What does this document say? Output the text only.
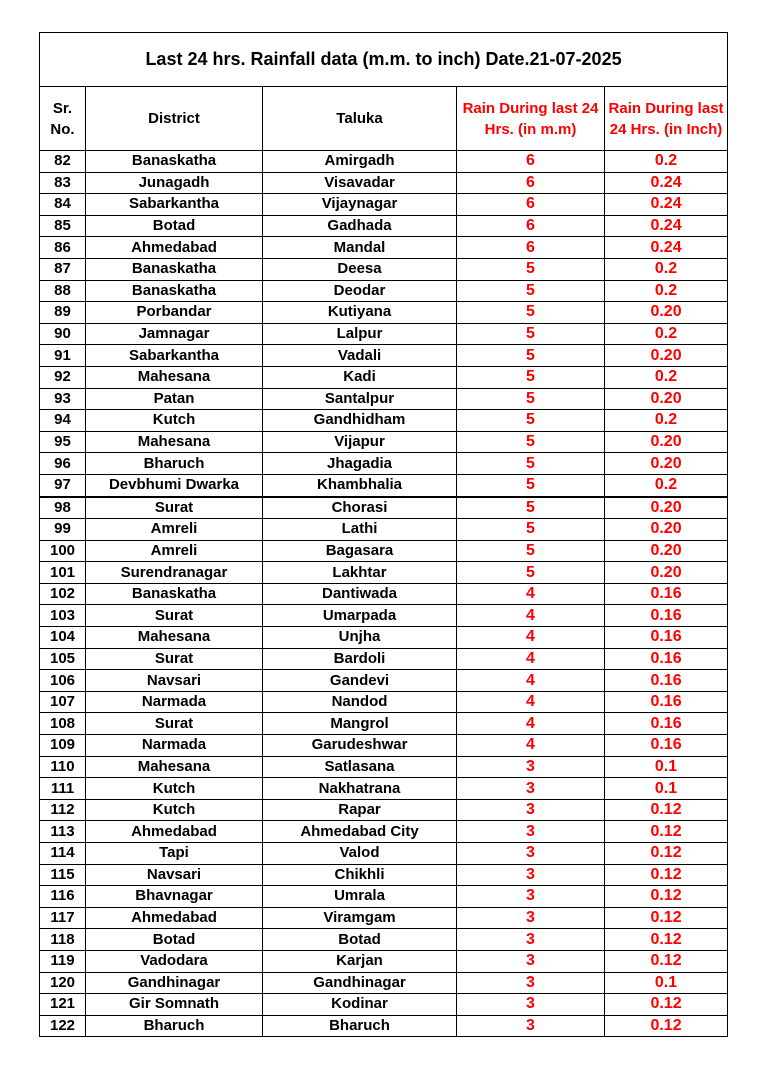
Last 24 hrs. Rainfall data (m.m. to inch) Date.21-07-2025				
Sr. No.	District	Taluka	Rain During last 24 Hrs. (in m.m)	Rain During last 24 Hrs. (in Inch)
82	Banaskatha	Amirgadh	6	0.2
83	Junagadh	Visavadar	6	0.24
84	Sabarkantha	Vijaynagar	6	0.24
85	Botad	Gadhada	6	0.24
86	Ahmedabad	Mandal	6	0.24
87	Banaskatha	Deesa	5	0.2
88	Banaskatha	Deodar	5	0.2
89	Porbandar	Kutiyana	5	0.20
90	Jamnagar	Lalpur	5	0.2
91	Sabarkantha	Vadali	5	0.20
92	Mahesana	Kadi	5	0.2
93	Patan	Santalpur	5	0.20
94	Kutch	Gandhidham	5	0.2
95	Mahesana	Vijapur	5	0.20
96	Bharuch	Jhagadia	5	0.20
97	Devbhumi Dwarka	Khambhalia	5	0.2
98	Surat	Chorasi	5	0.20
99	Amreli	Lathi	5	0.20
100	Amreli	Bagasara	5	0.20
101	Surendranagar	Lakhtar	5	0.20
102	Banaskatha	Dantiwada	4	0.16
103	Surat	Umarpada	4	0.16
104	Mahesana	Unjha	4	0.16
105	Surat	Bardoli	4	0.16
106	Navsari	Gandevi	4	0.16
107	Narmada	Nandod	4	0.16
108	Surat	Mangrol	4	0.16
109	Narmada	Garudeshwar	4	0.16
110	Mahesana	Satlasana	3	0.1
111	Kutch	Nakhatrana	3	0.1
112	Kutch	Rapar	3	0.12
113	Ahmedabad	Ahmedabad City	3	0.12
114	Tapi	Valod	3	0.12
115	Navsari	Chikhli	3	0.12
116	Bhavnagar	Umrala	3	0.12
117	Ahmedabad	Viramgam	3	0.12
118	Botad	Botad	3	0.12
119	Vadodara	Karjan	3	0.12
120	Gandhinagar	Gandhinagar	3	0.1
121	Gir Somnath	Kodinar	3	0.12
122	Bharuch	Bharuch	3	0.12
